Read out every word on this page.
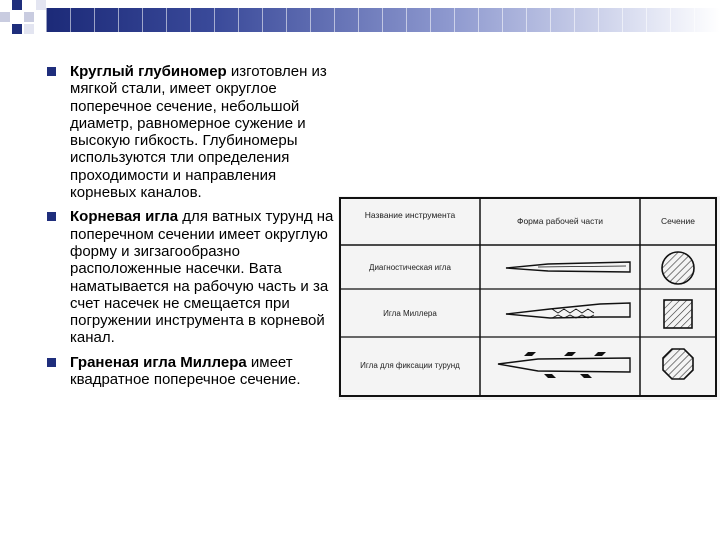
Круглый глубиномер изготовлен из мягкой стали, имеет округлое поперечное сечение, небольшой диаметр, равномерное сужение и высокую гибкость. Глубиномеры используются тли определения проходимости и направления корневых каналов.
Корневая игла для ватных турунд на поперечном сечении имеет округлую форму и зигзагообразно расположенные насечки. Вата наматывается на рабочую часть и за счет насечек не смещается при погружении инструмента в корневой канал.
Граненая игла Миллера имеет квадратное поперечное сечение.
Название инструмента
Форма рабочей части	Сечение
Диагностическая игла
Игла Миллера
Игла для фиксации турунд
